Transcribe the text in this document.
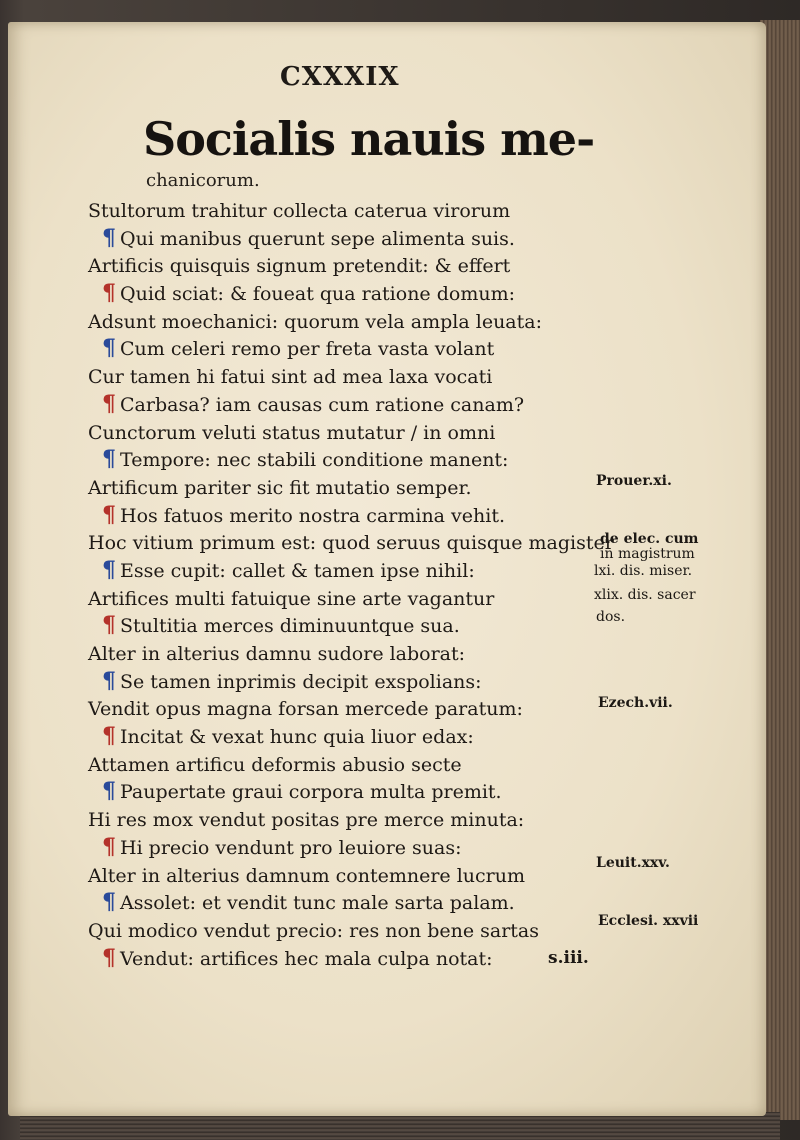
CXXXIX
Socialis nauis me-
chanicorum.
Stultorum trahitur collecta caterua virorum
¶ Qui manibus querunt sepe alimenta suis.
Artificis quisquis signum pretendit: & effert
¶ Quid sciat: & foueat qua ratione domum:
Adsunt moechanici: quorum vela ampla leuata:
¶ Cum celeri remo per freta vasta volant
Cur tamen hi fatui sint ad mea laxa vocati
¶ Carbasa? iam causas cum ratione canam?
Cunctorum veluti status mutatur / in omni
¶ Tempore: nec stabili conditione manent:
Artificum pariter sic fit mutatio semper.
¶ Hos fatuos merito nostra carmina vehit.
Hoc vitium primum est: quod seruus quisque magister
¶ Esse cupit: callet & tamen ipse nihil:
Artifices multi fatuique sine arte vagantur
¶ Stultitia merces diminuuntque sua.
Alter in alterius damnu sudore laborat:
¶ Se tamen inprimis decipit exspolians:
Vendit opus magna forsan mercede paratum:
¶ Incitat & vexat hunc quia liuor edax:
Attamen artificu deformis abusio secte
¶ Paupertate graui corpora multa premit.
Hi res mox vendut positas pre merce minuta:
¶ Hi precio vendunt pro leuiore suas:
Alter in alterius damnum contemnere lucrum
¶ Assolet: et vendit tunc male sarta palam.
Qui modico vendut precio: res non bene sartas
¶ Vendut: artifices hec mala culpa notat:
Prouer.xi.
de elec. cum
in magistrum
lxi. dis. miser.
xlix. dis. sacer
dos.
Ezech.vii.
Leuit.xxv.
Ecclesi. xxvii
s.iii.
